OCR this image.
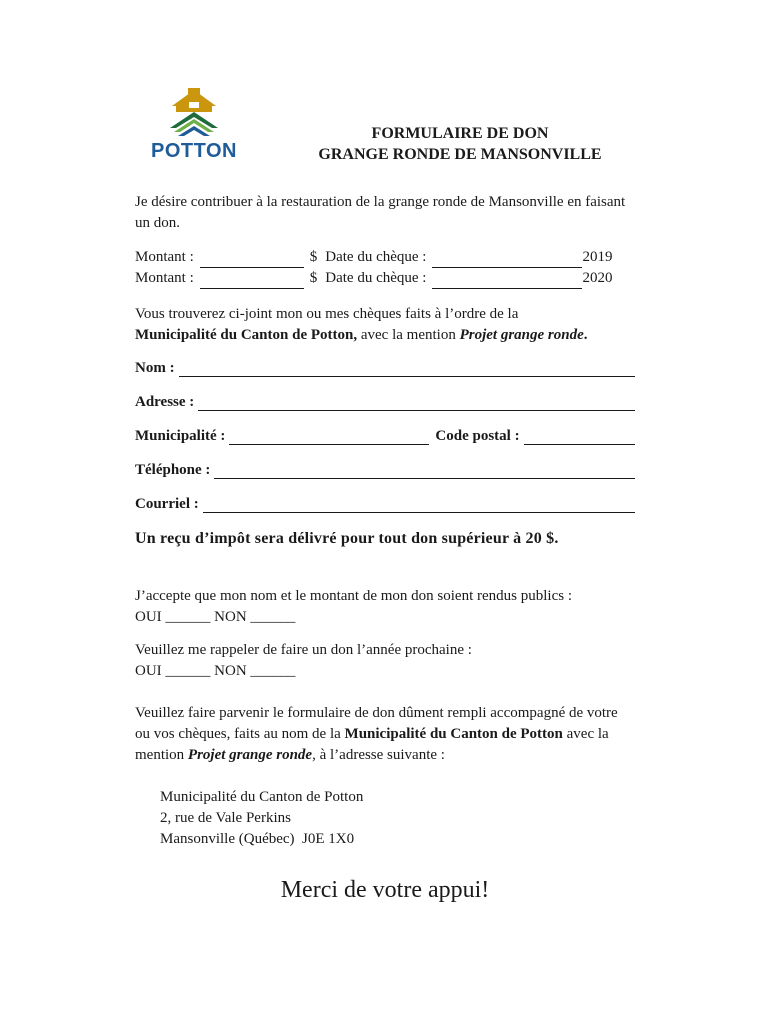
POTTON
FORMULAIRE DE DON
GRANGE RONDE DE MANSONVILLE
Je désire contribuer à la restauration de la grange ronde de Mansonville en faisant un don.
Montant :	$ Date du chèque :	2019
Montant :	$ Date du chèque :	2020
Vous trouverez ci-joint mon ou mes chèques faits à l’ordre de la
Municipalité du Canton de Potton, avec la mention Projet grange ronde.
Nom :
Adresse :
Municipalité :	Code postal :
Téléphone :
Courriel :
Un reçu d’impôt sera délivré pour tout don supérieur à 20 $.
J’accepte que mon nom et le montant de mon don soient rendus publics :
OUI ______ NON ______
Veuillez me rappeler de faire un don l’année prochaine :
OUI ______ NON ______
Veuillez faire parvenir le formulaire de don dûment rempli accompagné de votre ou vos chèques, faits au nom de la Municipalité du Canton de Potton avec la mention Projet grange ronde, à l’adresse suivante :
Municipalité du Canton de Potton
2, rue de Vale Perkins
Mansonville (Québec)  J0E 1X0
Merci de votre appui!
